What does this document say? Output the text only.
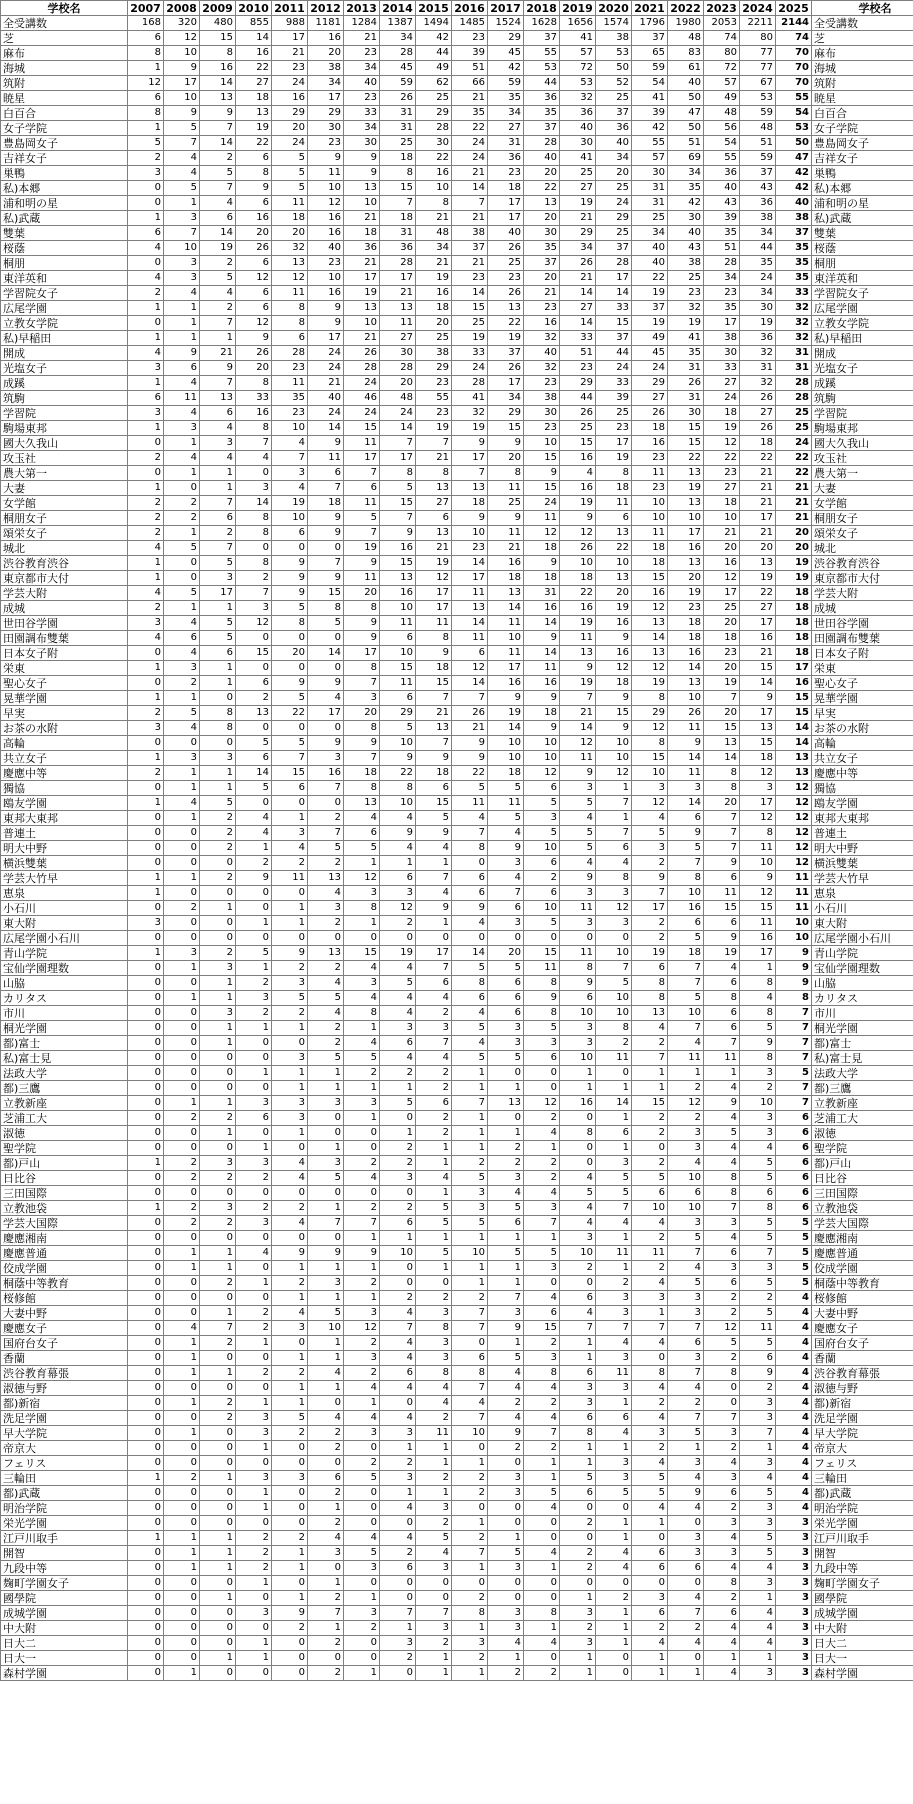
学校名	2007	2008	2009	2010	2011	2012	2013	2014	2015	2016	2017	2018	2019	2020	2021	2022	2023	2024	2025	学校名
全受講数	168	320	480	855	988	1181	1284	1387	1494	1485	1524	1628	1656	1574	1796	1980	2053	2211	2144	全受講数
芝	6	12	15	14	17	16	21	34	42	23	29	37	41	38	37	48	74	80	74	芝
麻布	8	10	8	16	21	20	23	28	44	39	45	55	57	53	65	83	80	77	70	麻布
海城	1	9	16	22	23	38	34	45	49	51	42	53	72	50	59	61	72	77	70	海城
筑附	12	17	14	27	24	34	40	59	62	66	59	44	53	52	54	40	57	67	70	筑附
暁星	6	10	13	18	16	17	23	26	25	21	35	36	32	25	41	50	49	53	55	暁星
白百合	8	9	9	13	29	29	33	31	29	35	34	35	36	37	39	47	48	59	54	白百合
女子学院	1	5	7	19	20	30	34	31	28	22	27	37	40	36	42	50	56	48	53	女子学院
豊島岡女子	5	7	14	22	24	23	30	25	30	24	31	28	30	40	55	51	54	51	50	豊島岡女子
吉祥女子	2	4	2	6	5	9	9	18	22	24	36	40	41	34	57	69	55	59	47	吉祥女子
巣鴨	3	4	5	8	5	11	9	8	16	21	23	20	25	20	30	34	36	37	42	巣鴨
私)本郷	0	5	7	9	5	10	13	15	10	14	18	22	27	25	31	35	40	43	42	私)本郷
浦和明の星	0	1	4	6	11	12	10	7	8	7	17	13	19	24	31	42	43	36	40	浦和明の星
私)武蔵	1	3	6	16	18	16	21	18	21	21	17	20	21	29	25	30	39	38	38	私)武蔵
雙葉	6	7	14	20	20	16	18	31	48	38	40	30	29	25	34	40	35	34	37	雙葉
桜蔭	4	10	19	26	32	40	36	36	34	37	26	35	34	37	40	43	51	44	35	桜蔭
桐朋	0	3	2	6	13	23	21	28	21	21	25	37	26	28	40	38	28	35	35	桐朋
東洋英和	4	3	5	12	12	10	17	17	19	23	23	20	21	17	22	25	34	24	35	東洋英和
学習院女子	2	4	4	6	11	16	19	21	16	14	26	21	14	14	19	23	23	34	33	学習院女子
広尾学園	1	1	2	6	8	9	13	13	18	15	13	23	27	33	37	32	35	30	32	広尾学園
立教女学院	0	1	7	12	8	9	10	11	20	25	22	16	14	15	19	19	17	19	32	立教女学院
私)早稲田	1	1	1	9	6	17	21	27	25	19	19	32	33	37	49	41	38	36	32	私)早稲田
開成	4	9	21	26	28	24	26	30	38	33	37	40	51	44	45	35	30	32	31	開成
光塩女子	3	6	9	20	23	24	28	28	29	24	26	32	23	24	24	31	33	31	31	光塩女子
成蹊	1	4	7	8	11	21	24	20	23	28	17	23	29	33	29	26	27	32	28	成蹊
筑駒	6	11	13	33	35	40	46	48	55	41	34	38	44	39	27	31	24	26	28	筑駒
学習院	3	4	6	16	23	24	24	24	23	32	29	30	26	25	26	30	18	27	25	学習院
駒場東邦	1	3	4	8	10	14	15	14	19	19	15	23	25	23	18	15	19	26	25	駒場東邦
國大久我山	0	1	3	7	4	9	11	7	7	9	9	10	15	17	16	15	12	18	24	國大久我山
攻玉社	2	4	4	4	7	11	17	17	21	17	20	15	16	19	23	22	22	22	22	攻玉社
農大第一	0	1	1	0	3	6	7	8	8	7	8	9	4	8	11	13	23	21	22	農大第一
大妻	1	0	1	3	4	7	6	5	13	13	11	15	16	18	23	19	27	21	21	大妻
女学館	2	2	7	14	19	18	11	15	27	18	25	24	19	11	10	13	18	21	21	女学館
桐朋女子	2	2	6	8	10	9	5	7	6	9	9	11	9	6	10	10	10	17	21	桐朋女子
頌栄女子	2	1	2	8	6	9	7	9	13	10	11	12	12	13	11	17	21	21	20	頌栄女子
城北	4	5	7	0	0	0	19	16	21	23	21	18	26	22	18	16	20	20	20	城北
渋谷教育渋谷	1	0	5	8	9	7	9	15	19	14	16	9	10	10	18	13	16	13	19	渋谷教育渋谷
東京都市大付	1	0	3	2	9	9	11	13	12	17	18	18	18	13	15	20	12	19	19	東京都市大付
学芸大附	4	5	17	7	9	15	20	16	17	11	13	31	22	20	16	19	17	22	18	学芸大附
成城	2	1	1	3	5	8	8	10	17	13	14	16	16	19	12	23	25	27	18	成城
世田谷学園	3	4	5	12	8	5	9	11	11	14	11	14	19	16	13	18	20	17	18	世田谷学園
田園調布雙葉	4	6	5	0	0	0	9	6	8	11	10	9	11	9	14	18	18	16	18	田園調布雙葉
日本女子附	0	4	6	15	20	14	17	10	9	6	11	14	13	16	13	16	23	21	18	日本女子附
栄東	1	3	1	0	0	0	8	15	18	12	17	11	9	12	12	14	20	15	17	栄東
聖心女子	0	2	1	6	9	9	7	11	15	14	16	16	19	18	19	13	19	14	16	聖心女子
晃華学園	1	1	0	2	5	4	3	6	7	7	9	9	7	9	8	10	7	9	15	晃華学園
早実	2	5	8	13	22	17	20	29	21	26	19	18	21	15	29	26	20	17	15	早実
お茶の水附	3	4	8	0	0	0	8	5	13	21	14	9	14	9	12	11	15	13	14	お茶の水附
高輪	0	0	0	5	5	9	9	10	7	9	10	10	12	10	8	9	13	15	14	高輪
共立女子	1	3	3	6	7	3	7	9	9	9	10	10	11	10	15	14	14	18	13	共立女子
慶應中等	2	1	1	14	15	16	18	22	18	22	18	12	9	12	10	11	8	12	13	慶應中等
獨協	0	1	1	5	6	7	8	8	6	5	5	6	3	1	3	3	8	3	12	獨協
鴎友学園	1	4	5	0	0	0	13	10	15	11	11	5	5	7	12	14	20	17	12	鴎友学園
東邦大東邦	0	1	2	4	1	2	4	4	5	4	5	3	4	1	4	6	7	12	12	東邦大東邦
普連土	0	0	2	4	3	7	6	9	9	7	4	5	5	7	5	9	7	8	12	普連土
明大中野	0	0	2	1	4	5	5	4	4	8	9	10	5	6	3	5	7	11	12	明大中野
横浜雙葉	0	0	0	2	2	2	1	1	1	0	3	6	4	4	2	7	9	10	12	横浜雙葉
学芸大竹早	1	1	2	9	11	13	12	6	7	6	4	2	9	8	9	8	6	9	11	学芸大竹早
恵泉	1	0	0	0	0	4	3	3	4	6	7	6	3	3	7	10	11	12	11	恵泉
小石川	0	2	1	0	1	3	8	12	9	9	6	10	11	12	17	16	15	15	11	小石川
東大附	3	0	0	1	1	2	1	2	1	4	3	5	3	3	2	6	6	11	10	東大附
広尾学園小石川	0	0	0	0	0	0	0	0	0	0	0	0	0	0	2	5	9	16	10	広尾学園小石川
青山学院	1	3	2	5	9	13	15	19	17	14	20	15	11	10	19	18	19	17	9	青山学院
宝仙学園理数	0	1	3	1	2	2	4	4	7	5	5	11	8	7	6	7	4	1	9	宝仙学園理数
山脇	0	0	1	2	3	4	3	5	6	8	6	8	9	5	8	7	6	8	9	山脇
カリタス	0	1	1	3	5	5	4	4	4	6	6	9	6	10	8	5	8	4	8	カリタス
市川	0	0	3	2	2	4	8	4	2	4	6	8	10	10	13	10	6	8	7	市川
桐光学園	0	0	1	1	1	2	1	3	3	5	3	5	3	8	4	7	6	5	7	桐光学園
都)富士	0	0	1	0	0	2	4	6	7	4	3	3	3	2	2	4	7	9	7	都)富士
私)富士見	0	0	0	0	3	5	5	4	4	5	5	6	10	11	7	11	11	8	7	私)富士見
法政大学	0	0	0	1	1	1	2	2	2	1	0	0	1	0	1	1	1	3	5	法政大学
都)三鷹	0	0	0	0	1	1	1	1	2	1	1	0	1	1	1	2	4	2	7	都)三鷹
立教新座	0	1	1	3	3	3	3	5	6	7	13	12	16	14	15	12	9	10	7	立教新座
芝浦工大	0	2	2	6	3	0	1	0	2	1	0	2	0	1	2	2	4	3	6	芝浦工大
淑徳	0	0	1	0	1	0	0	1	2	1	1	4	8	6	2	3	5	3	6	淑徳
聖学院	0	0	0	1	0	1	0	2	1	1	2	1	0	1	0	3	4	4	6	聖学院
都)戸山	1	2	3	3	4	3	2	2	1	2	2	2	0	3	2	4	4	5	6	都)戸山
日比谷	0	2	2	2	4	5	4	3	4	5	3	2	4	5	5	10	8	5	6	日比谷
三田国際	0	0	0	0	0	0	0	0	1	3	4	4	5	5	6	6	8	6	6	三田国際
立教池袋	1	2	3	2	2	1	2	2	5	3	5	3	4	7	10	10	7	8	6	立教池袋
学芸大国際	0	2	2	3	4	7	7	6	5	5	6	7	4	4	4	3	3	5	5	学芸大国際
慶應湘南	0	0	0	0	0	0	1	1	1	1	1	1	3	1	2	5	4	5	5	慶應湘南
慶應普通	0	1	1	4	9	9	9	10	5	10	5	5	10	11	11	7	6	7	5	慶應普通
佼成学園	0	1	1	0	1	1	1	0	1	1	1	3	2	1	2	4	3	3	5	佼成学園
桐蔭中等教育	0	0	2	1	2	3	2	0	0	1	1	0	0	2	4	5	6	5	5	桐蔭中等教育
桜修館	0	0	0	0	1	1	1	2	2	2	7	4	6	3	3	3	2	2	4	桜修館
大妻中野	0	0	1	2	4	5	3	4	3	7	3	6	4	3	1	3	2	5	4	大妻中野
慶應女子	0	4	7	2	3	10	12	7	8	7	9	15	7	7	7	7	12	11	4	慶應女子
国府台女子	0	1	2	1	0	1	2	4	3	0	1	2	1	4	4	6	5	5	4	国府台女子
香蘭	0	1	0	0	1	1	3	4	3	6	5	3	1	3	0	3	2	6	4	香蘭
渋谷教育幕張	0	1	1	2	2	4	2	6	8	8	4	8	6	11	8	7	8	9	4	渋谷教育幕張
淑徳与野	0	0	0	0	1	1	4	4	4	7	4	4	3	3	4	4	0	2	4	淑徳与野
都)新宿	0	1	2	1	1	0	1	0	4	4	2	2	3	1	2	2	0	3	4	都)新宿
洗足学園	0	0	2	3	5	4	4	4	2	7	4	4	6	6	4	7	7	3	4	洗足学園
早大学院	0	1	0	3	2	2	3	3	11	10	9	7	8	4	3	5	3	7	4	早大学院
帝京大	0	0	0	1	0	2	0	1	1	0	2	2	1	1	2	1	2	1	4	帝京大
フェリス	0	0	0	0	0	0	2	2	1	1	0	1	1	3	4	3	4	3	4	フェリス
三輪田	1	2	1	3	3	6	5	3	2	2	3	1	5	3	5	4	3	4	4	三輪田
都)武蔵	0	0	0	1	0	2	0	1	1	2	3	5	6	5	5	9	6	5	4	都)武蔵
明治学院	0	0	0	1	0	1	0	4	3	0	0	4	0	0	4	4	2	3	4	明治学院
栄光学園	0	0	0	0	0	2	0	0	2	1	0	0	2	1	1	0	3	3	3	栄光学園
江戸川取手	1	1	1	2	2	4	4	4	5	2	1	0	0	1	0	3	4	5	3	江戸川取手
開智	0	1	1	2	1	3	5	2	4	7	5	4	2	4	6	3	3	5	3	開智
九段中等	0	1	1	2	1	0	3	6	3	1	3	1	2	4	6	6	4	4	3	九段中等
麹町学園女子	0	0	0	1	0	1	0	0	0	0	0	0	0	0	0	0	8	3	3	麹町学園女子
國學院	0	0	1	0	1	2	1	0	0	2	0	0	1	2	3	4	2	1	3	國學院
成城学園	0	0	0	3	9	7	3	7	7	8	3	8	3	1	6	7	6	4	3	成城学園
中大附	0	0	0	0	2	1	2	1	3	1	3	1	2	1	2	2	4	4	3	中大附
日大二	0	0	0	1	0	2	0	3	2	3	4	4	3	1	4	4	4	4	3	日大二
日大一	0	0	1	1	0	0	0	2	1	2	1	0	1	0	1	0	1	1	3	日大一
森村学園	0	1	0	0	0	2	1	0	1	1	2	2	1	0	1	1	4	3	3	森村学園
